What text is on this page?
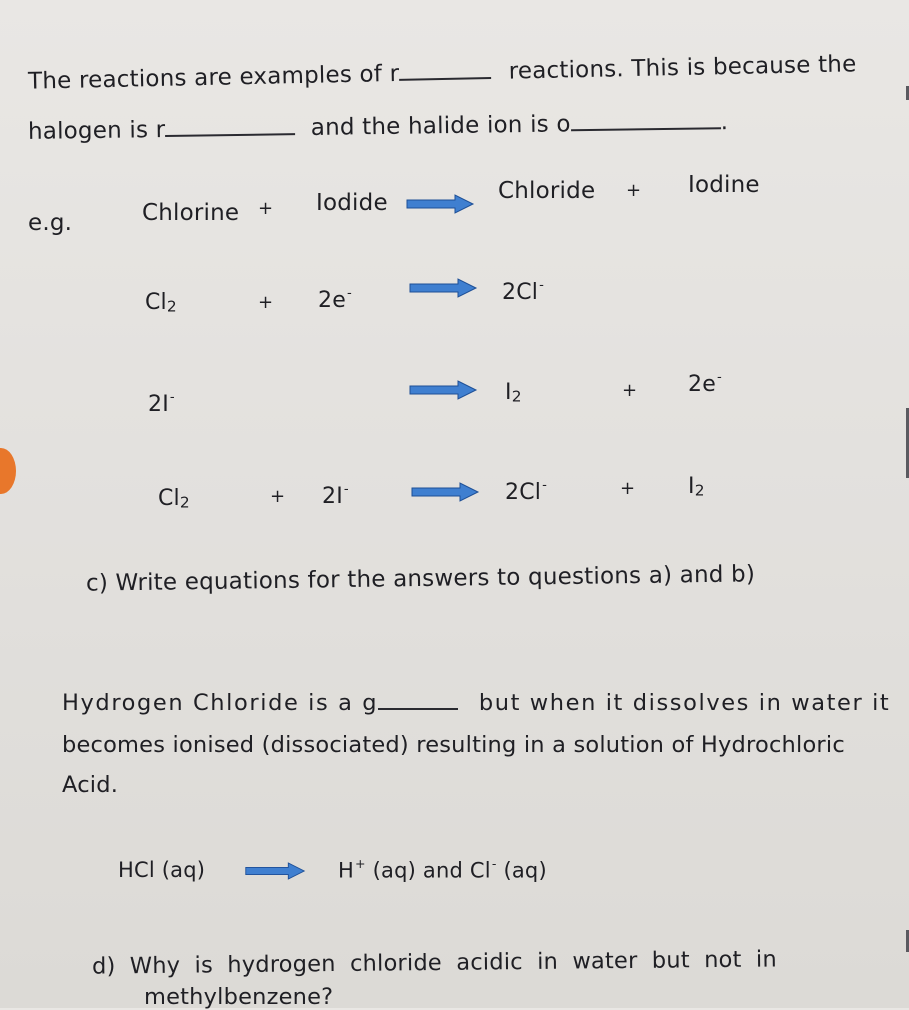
The reactions are examples of r	reactions. This is because the
halogen is r	and the halide ion is o	.
e.g.	Chlorine + Iodide	Chloride + Iodine
Cl2	+ 2e-	2Cl-
2I-	I2	+ 2e-
Cl2	+ 2I-	2Cl-	+ I2
c) Write equations for the answers to questions a) and b)
Hydrogen Chloride is a g	but when it dissolves in water it
becomes ionised (dissociated) resulting in a solution of Hydrochloric
Acid.
HCl (aq)	H+ (aq) and Cl- (aq)
d) Why is hydrogen chloride acidic in water but not in
methylbenzene?
